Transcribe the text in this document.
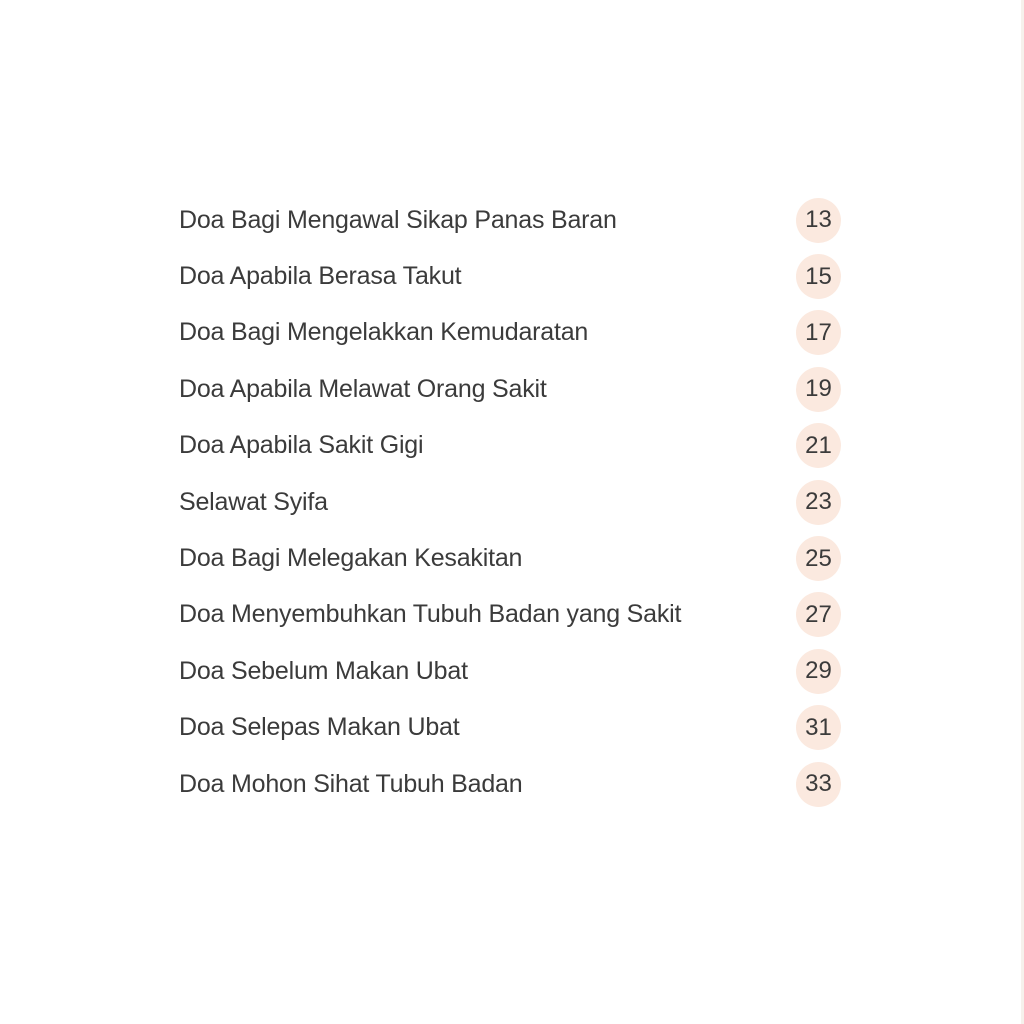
Doa Bagi Mengawal Sikap Panas Baran	13
Doa Apabila Berasa Takut	15
Doa Bagi Mengelakkan Kemudaratan	17
Doa Apabila Melawat Orang Sakit	19
Doa Apabila Sakit Gigi	21
Selawat Syifa	23
Doa Bagi Melegakan Kesakitan	25
Doa Menyembuhkan Tubuh Badan yang Sakit	27
Doa Sebelum Makan Ubat	29
Doa Selepas Makan Ubat	31
Doa Mohon Sihat Tubuh Badan	33
